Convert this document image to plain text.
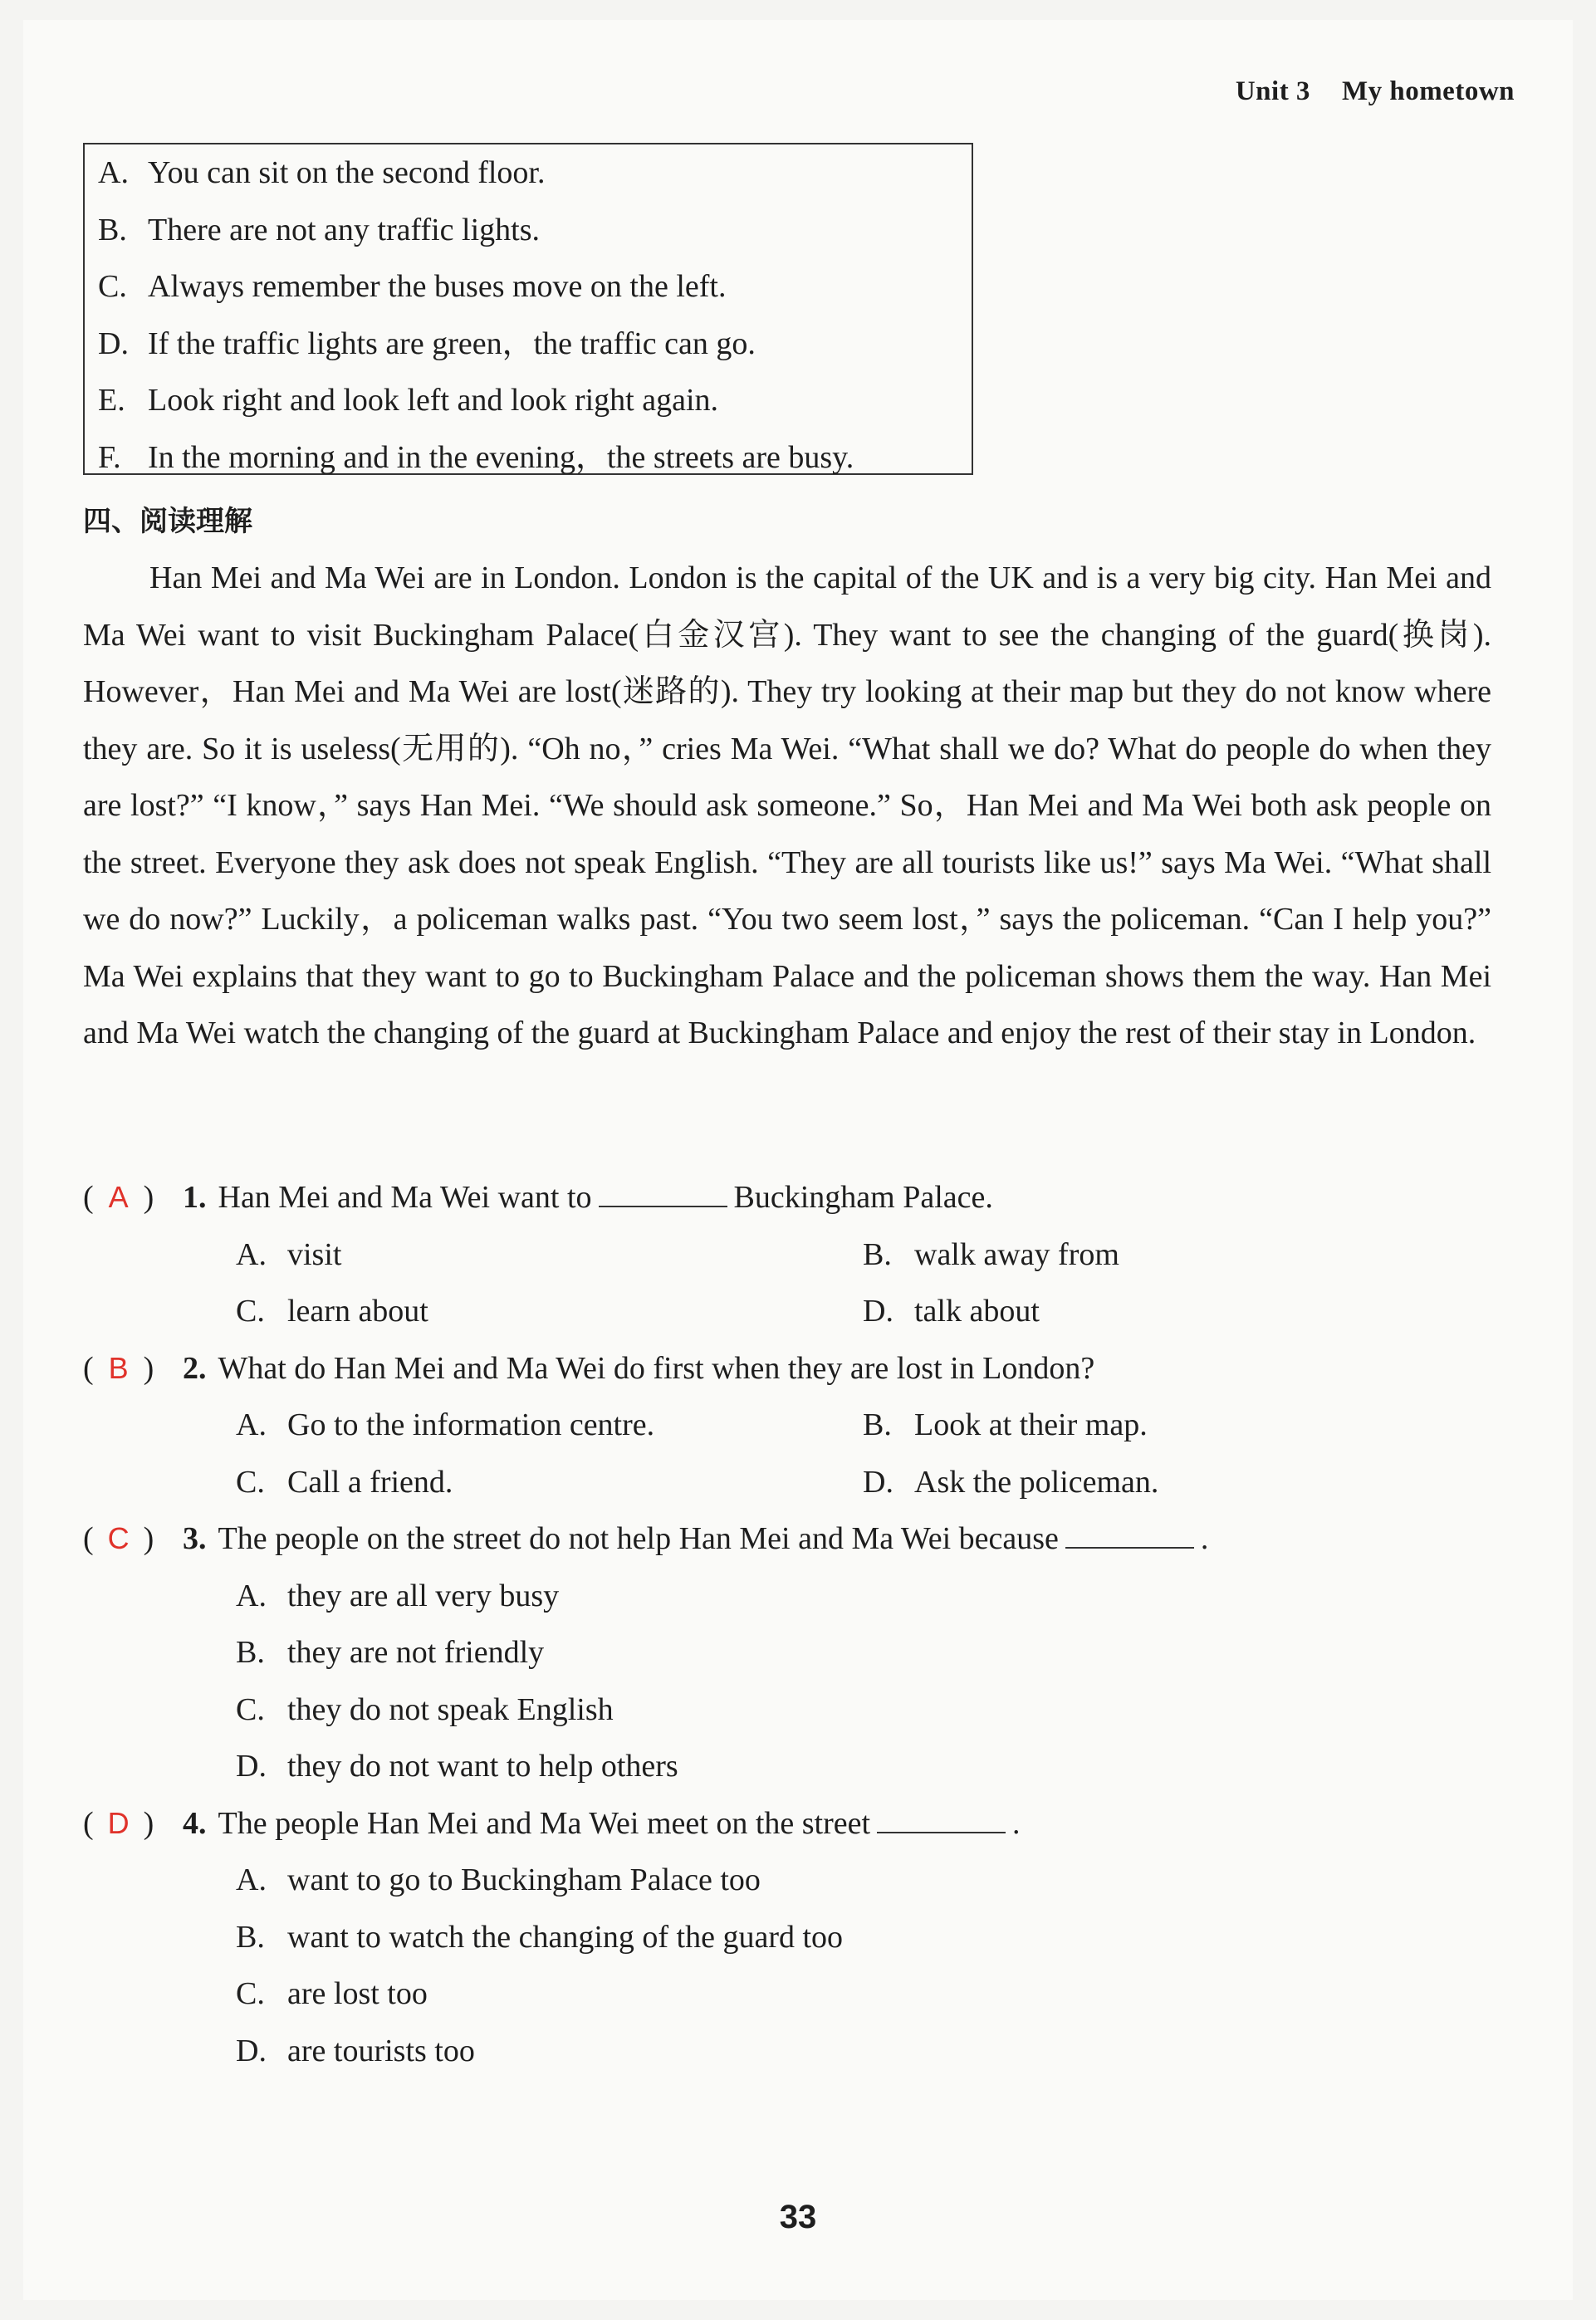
Unit 3 My hometown
A. You can sit on the second floor.
B. There are not any traffic lights.
C. Always remember the buses move on the left.
D. If the traffic lights are green，the traffic can go.
E. Look right and look left and look right again.
F. In the morning and in the evening，the streets are busy.
四、阅读理解

Han Mei and Ma Wei are in London. London is the capital of the UK and is a very big city. Han Mei and Ma Wei want to visit Buckingham Palace(白金汉宫). They want to see the changing of the guard(换岗). However，Han Mei and Ma Wei are lost(迷路的). They try looking at their map but they do not know where they are. So it is useless(无用的). “Oh no，” cries Ma Wei. “What shall we do? What do people do when they are lost?” “I know，” says Han Mei. “We should ask someone.” So，Han Mei and Ma Wei both ask people on the street. Everyone they ask does not speak English. “They are all tourists like us!” says Ma Wei. “What shall we do now?” Luckily，a policeman walks past. “You two seem lost，” says the policeman. “Can I help you?” Ma Wei explains that they want to go to Buckingham Palace and the policeman shows them the way. Han Mei and Ma Wei watch the changing of the guard at Buckingham Palace and enjoy the rest of their stay in London.

( A ) 1. Han Mei and Ma Wei want to	Buckingham Palace.
A. visit	B. walk away from
C. learn about	D. talk about
( B ) 2. What do Han Mei and Ma Wei do first when they are lost in London?
A. Go to the information centre.	B. Look at their map.
C. Call a friend.	D. Ask the policeman.
( C ) 3. The people on the street do not help Han Mei and Ma Wei because	.
A. they are all very busy
B. they are not friendly
C. they do not speak English
D. they do not want to help others
( D ) 4. The people Han Mei and Ma Wei meet on the street	.
A. want to go to Buckingham Palace too
B. want to watch the changing of the guard too
C. are lost too
D. are tourists too
33
